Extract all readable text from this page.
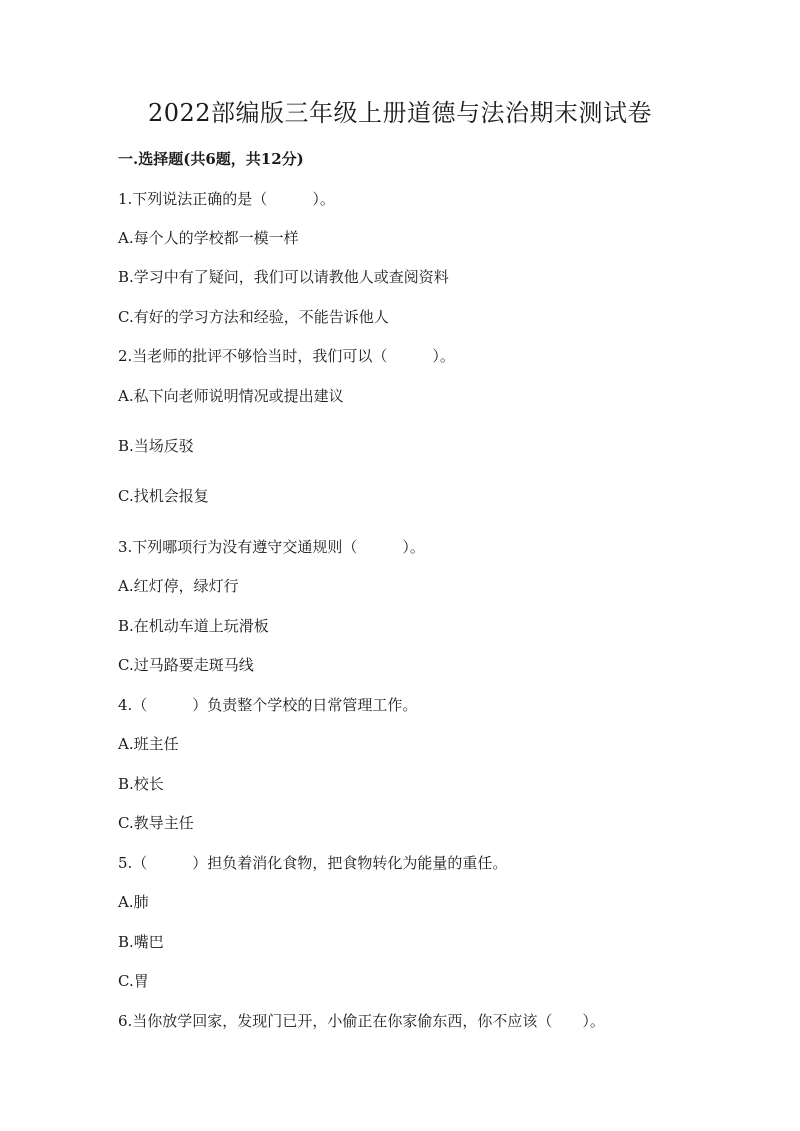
2022部编版三年级上册道德与法治期末测试卷
一.选择题(共6题，共12分)
1.下列说法正确的是（　　　）。
A.每个人的学校都一模一样
B.学习中有了疑问，我们可以请教他人或查阅资料
C.有好的学习方法和经验，不能告诉他人
2.当老师的批评不够恰当时，我们可以（　　　）。
A.私下向老师说明情况或提出建议
B.当场反驳
C.找机会报复
3.下列哪项行为没有遵守交通规则（　　　）。
A.红灯停，绿灯行
B.在机动车道上玩滑板
C.过马路要走斑马线
4.（　　　）负责整个学校的日常管理工作。
A.班主任
B.校长
C.教导主任
5.（　　　）担负着消化食物，把食物转化为能量的重任。
A.肺
B.嘴巴
C.胃
6.当你放学回家，发现门已开，小偷正在你家偷东西，你不应该（　　）。
